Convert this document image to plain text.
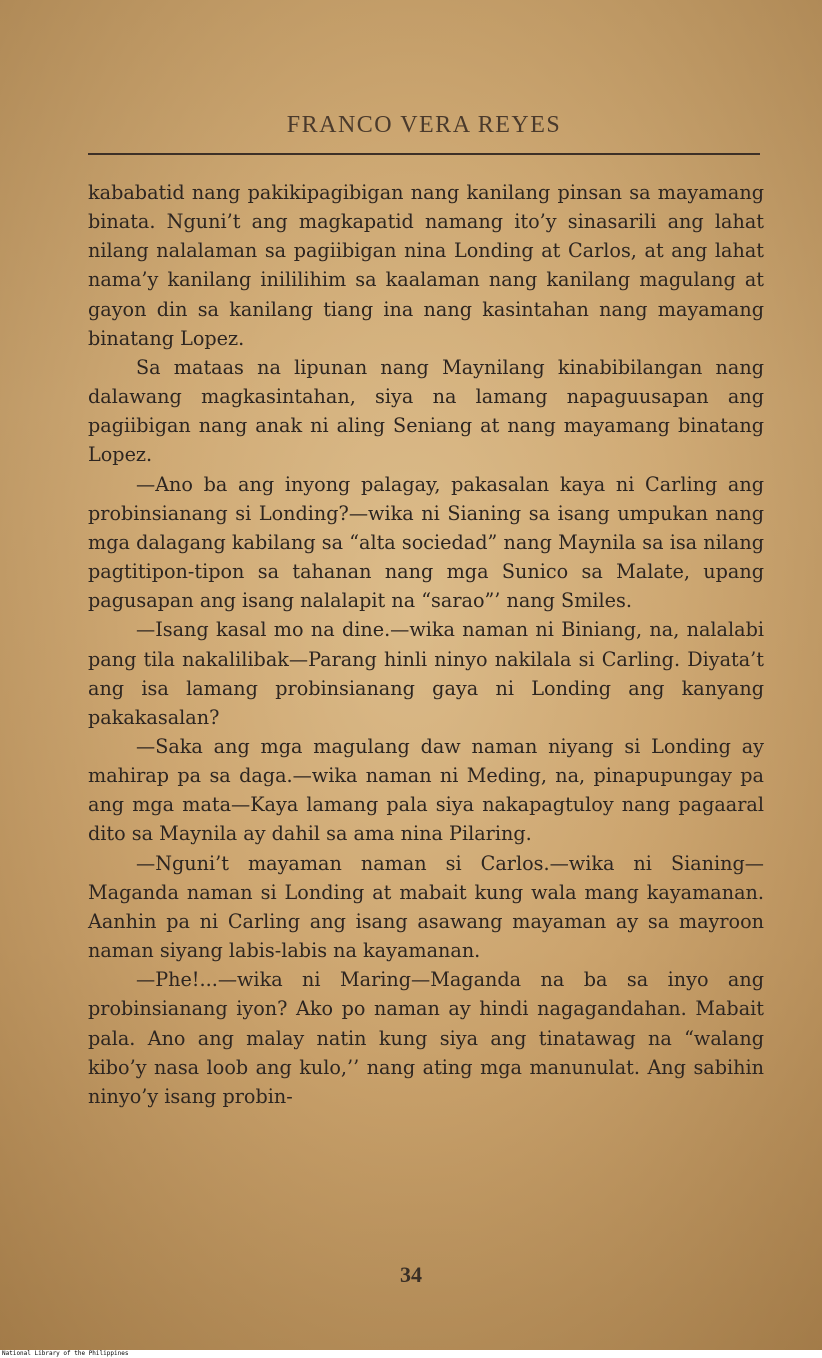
FRANCO VERA REYES

kababatid nang pakikipagibigan nang kanilang pinsan sa mayamang binata. Nguni’t ang magkapatid namang ito’y sinasarili ang lahat nilang nalalaman sa pagiibigan nina Londing at Carlos, at ang lahat nama’y kanilang inililihim sa kaalaman nang kanilang magulang at gayon din sa kanilang tiang ina nang kasintahan nang mayamang binatang Lopez.

Sa mataas na lipunan nang Maynilang kinabibilangan nang dalawang magkasintahan, siya na lamang napaguusapan ang pagiibigan nang anak ni aling Seniang at nang mayamang binatang Lopez.

—Ano ba ang inyong palagay, pakasalan kaya ni Carling ang probinsianang si Londing?—wika ni Sianing sa isang umpukan nang mga dalagang kabilang sa “alta sociedad” nang Maynila sa isa nilang pagtitipon-tipon sa tahanan nang mga Sunico sa Malate, upang pagusapan ang isang nalalapit na “sarao”’ nang Smiles.

—Isang kasal mo na dine.—wika naman ni Biniang, na, nalalabi pang tila nakalilibak—Parang hinli ninyo nakilala si Carling. Diyata’t ang isa lamang probinsianang gaya ni Londing ang kanyang pakakasalan?

—Saka ang mga magulang daw naman niyang si Londing ay mahirap pa sa daga.—wika naman ni Meding, na, pinapupungay pa ang mga mata—Kaya lamang pala siya nakapagtuloy nang pagaaral dito sa Maynila ay dahil sa ama nina Pilaring.

—Nguni’t mayaman naman si Carlos.—wika ni Sianing—Maganda naman si Londing at mabait kung wala mang kayamanan. Aanhin pa ni Carling ang isang asawang mayaman ay sa mayroon naman siyang labis-labis na kayamanan.

—Phe!...—wika ni Maring—Maganda na ba sa inyo ang probinsianang iyon? Ako po naman ay hindi nagagandahan. Mabait pala. Ano ang malay natin kung siya ang tinatawag na “walang kibo’y nasa loob ang kulo,’’ nang ating mga manunulat. Ang sabihin ninyo’y isang probin-

34
National Library of the Philippines
